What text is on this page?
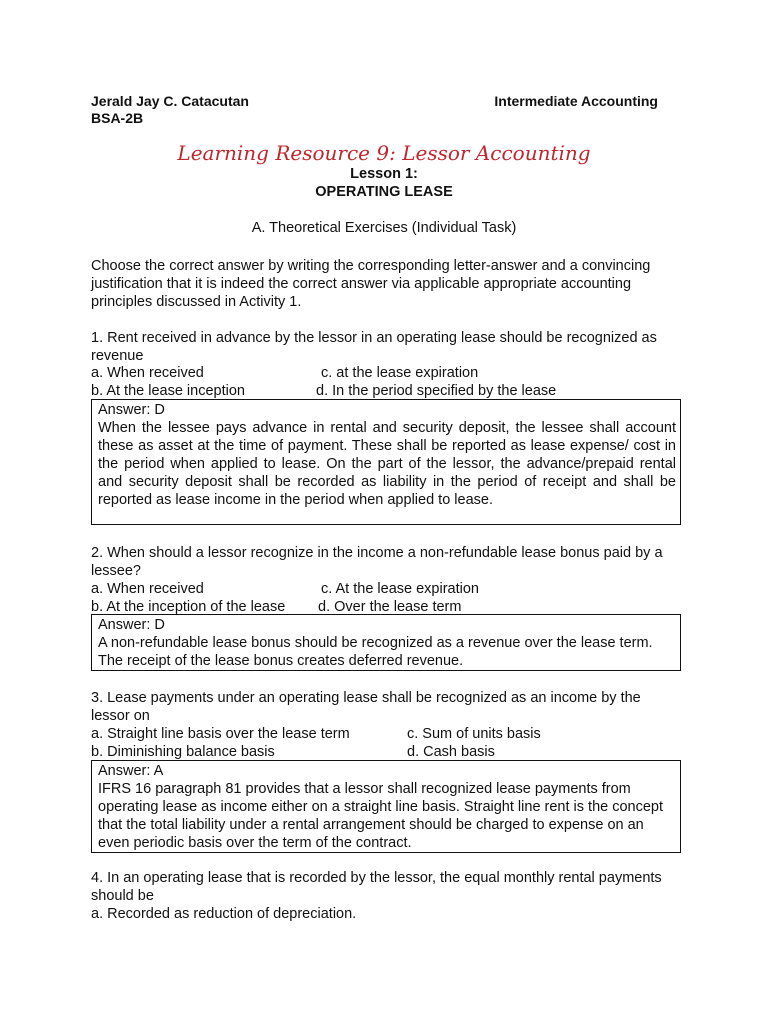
Jerald Jay C. Catacutan
BSA-2B
Intermediate Accounting
Learning Resource 9: Lessor Accounting
Lesson 1:
OPERATING LEASE
A. Theoretical Exercises (Individual Task)
Choose the correct answer by writing the corresponding letter-answer and a convincing justification that it is indeed the correct answer via applicable appropriate accounting principles discussed in Activity 1.
1. Rent received in advance by the lessor in an operating lease should be recognized as revenue
a. When received	c. at the lease expiration
b. At the lease inception	d. In the period specified by the lease
Answer: D
When the lessee pays advance in rental and security deposit, the lessee shall account these as asset at the time of payment. These shall be reported as lease expense/ cost in the period when applied to lease. On the part of the lessor, the advance/prepaid rental and security deposit shall be recorded as liability in the period of receipt and shall be reported as lease income in the period when applied to lease.
2. When should a lessor recognize in the income a non-refundable lease bonus paid by a lessee?
a. When received	c. At the lease expiration
b. At the inception of the lease d. Over the lease term
Answer: D
A non-refundable lease bonus should be recognized as a revenue over the lease term. The receipt of the lease bonus creates deferred revenue.
3. Lease payments under an operating lease shall be recognized as an income by the lessor on
a. Straight line basis over the lease term	c. Sum of units basis
b. Diminishing balance basis	d. Cash basis
Answer: A
IFRS 16 paragraph 81 provides that a lessor shall recognized lease payments from operating lease as income either on a straight line basis. Straight line rent is the concept that the total liability under a rental arrangement should be charged to expense on an even periodic basis over the term of the contract.
4. In an operating lease that is recorded by the lessor, the equal monthly rental payments should be
a. Recorded as reduction of depreciation.
